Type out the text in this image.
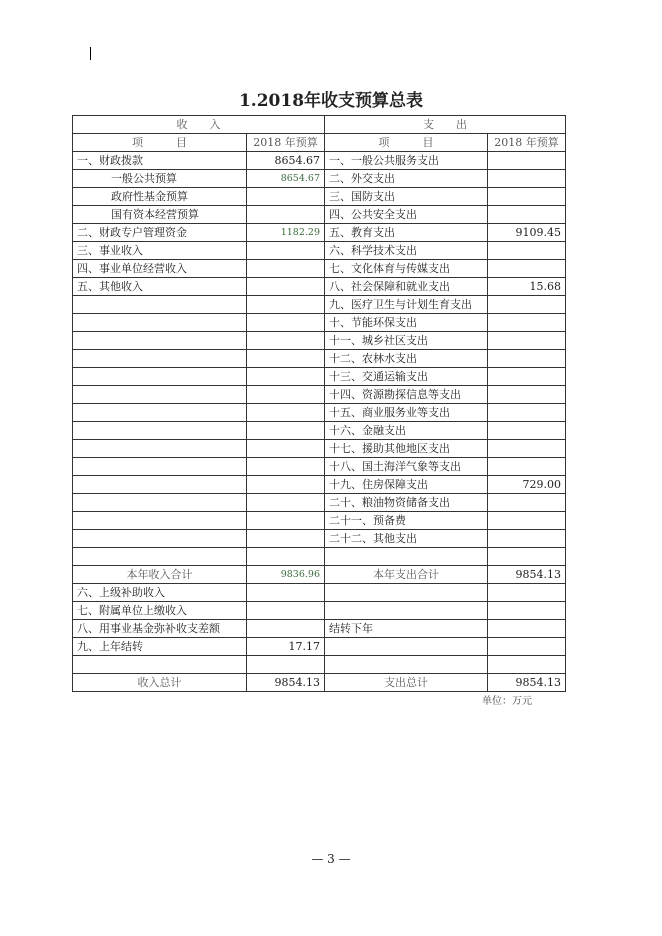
1.2018年收支预算总表
收　　入		支　　出	
项　　　目	2018 年预算	项　　　目	2018 年预算
一、财政拨款	8654.67	一、一般公共服务支出	
一般公共预算	8654.67	二、外交支出	
政府性基金预算		三、国防支出	
国有资本经营预算		四、公共安全支出	
二、财政专户管理资金	1182.29	五、教育支出	9109.45
三、事业收入		六、科学技术支出	
四、事业单位经营收入		七、文化体育与传媒支出	
五、其他收入		八、社会保障和就业支出	15.68
		九、医疗卫生与计划生育支出	
		十、节能环保支出	
		十一、城乡社区支出	
		十二、农林水支出	
		十三、交通运输支出	
		十四、资源勘探信息等支出	
		十五、商业服务业等支出	
		十六、金融支出	
		十七、援助其他地区支出	
		十八、国土海洋气象等支出	
		十九、住房保障支出	729.00
		二十、粮油物资储备支出	
		二十一、预备费	
		二十二、其他支出	

本年收入合计	9836.96	本年支出合计	9854.13
六、上级补助收入			
七、附属单位上缴收入			
八、用事业基金弥补收支差额		结转下年	
九、上年结转	17.17		

收入总计	9854.13	支出总计	9854.13
单位：万元
— 3 —
